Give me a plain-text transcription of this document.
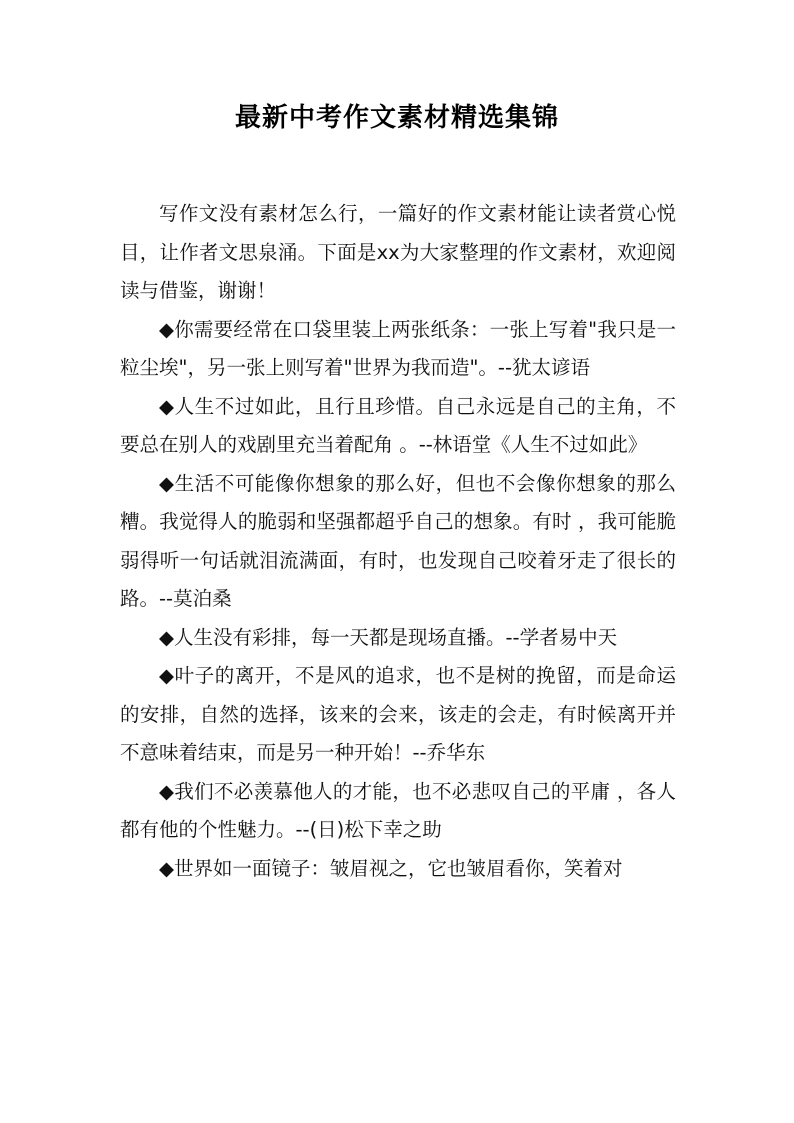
最新中考作文素材精选集锦

写作文没有素材怎么行，一篇好的作文素材能让读者赏心悦目，让作者文思泉涌。下面是xx为大家整理的作文素材，欢迎阅读与借鉴，谢谢！

◆你需要经常在口袋里装上两张纸条：一张上写着"我只是一粒尘埃"，另一张上则写着"世界为我而造"。--犹太谚语

◆人生不过如此，且行且珍惜。自己永远是自己的主角，不要总在别人的戏剧里充当着配角 。--林语堂《人生不过如此》

◆生活不可能像你想象的那么好，但也不会像你想象的那么糟。我觉得人的脆弱和坚强都超乎自己的想象。有时 ，我可能脆弱得听一句话就泪流满面，有时，也发现自己咬着牙走了很长的路。--莫泊桑

◆人生没有彩排，每一天都是现场直播。--学者易中天

◆叶子的离开，不是风的追求，也不是树的挽留，而是命运的安排，自然的选择，该来的会来，该走的会走，有时候离开并不意味着结束，而是另一种开始！--乔华东

◆我们不必羡慕他人的才能，也不必悲叹自己的平庸 ，各人都有他的个性魅力。--(日)松下幸之助

◆世界如一面镜子：皱眉视之，它也皱眉看你，笑着对
